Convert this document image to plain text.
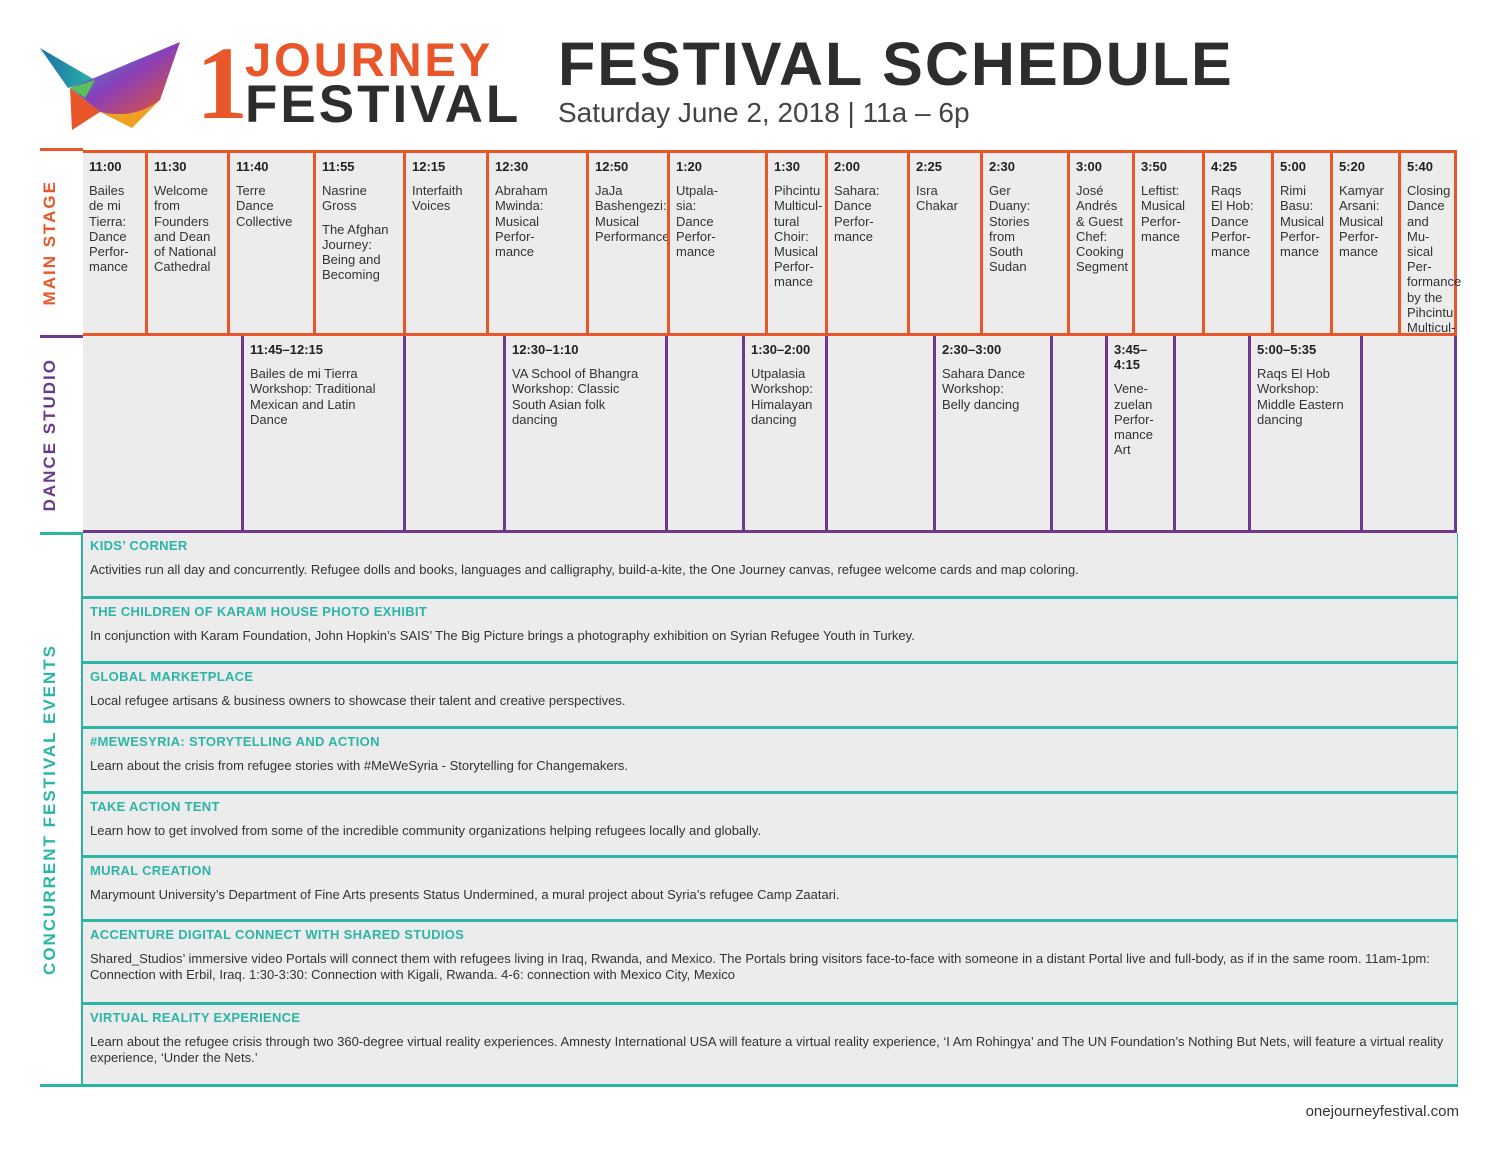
1
JOURNEY
FESTIVAL
FESTIVAL SCHEDULE
Saturday June 2, 2018 | 11a – 6p
MAIN STAGE
11:00
Bailes
de mi
Tierra:
Dance
Perfor-
mance
11:30
Welcome
from
Founders
and Dean
of National
Cathedral
11:40
Terre
Dance
Collective
11:55
Nasrine
Gross
The Afghan
Journey:
Being and
Becoming
12:15
Interfaith
Voices
12:30
Abraham
Mwinda:
Musical
Perfor-
mance
12:50
JaJa
Bashengezi:
Musical
Performance
1:20
Utpala-
sia:
Dance
Perfor-
mance
1:30
Pihcintu
Multicul-
tural Choir:
Musical
Perfor-
mance
2:00
Sahara:
Dance
Perfor-
mance
2:25
Isra
Chakar
2:30
Ger
Duany:
Stories
from
South
Sudan
3:00
José
Andrés
& Guest
Chef:
Cooking
Segment
3:50
Leftist:
Musical
Perfor-
mance
4:25
Raqs
El Hob:
Dance
Perfor-
mance
5:00
Rimi
Basu:
Musical
Perfor-
mance
5:20
Kamyar
Arsani:
Musical
Perfor-
mance
5:40
Closing
Dance
and Mu-
sical Per-
formance
by the
Pihcintu
Multicul-
DANCE STUDIO
11:45–12:15
Bailes de mi Tierra
Workshop: Traditional
Mexican and Latin
Dance
12:30–1:10
VA School of Bhangra
Workshop: Classic
South Asian folk
dancing
1:30–2:00
Utpalasia
Workshop:
Himalayan
dancing
2:30–3:00
Sahara Dance
Workshop:
Belly dancing
3:45–4:15
Vene-
zuelan
Perfor-
mance
Art
5:00–5:35
Raqs El Hob
Workshop:
Middle Eastern
dancing
CONCURRENT FESTIVAL EVENTS
KIDS’ CORNER
Activities run all day and concurrently. Refugee dolls and books, languages and calligraphy, build-a-kite, the One Journey canvas, refugee welcome cards and map coloring.
THE CHILDREN OF KARAM HOUSE PHOTO EXHIBIT
In conjunction with Karam Foundation, John Hopkin’s SAIS’ The Big Picture brings a photography exhibition on Syrian Refugee Youth in Turkey.
GLOBAL MARKETPLACE
Local refugee artisans & business owners to showcase their talent and creative perspectives.
#MEWESYRIA: STORYTELLING AND ACTION
Learn about the crisis from refugee stories with #MeWeSyria - Storytelling for Changemakers.
TAKE ACTION TENT
Learn how to get involved from some of the incredible community organizations helping refugees locally and globally.
MURAL CREATION
Marymount University’s Department of Fine Arts presents Status Undermined, a mural project about Syria’s refugee Camp Zaatari.
ACCENTURE DIGITAL CONNECT WITH SHARED STUDIOS
Shared_Studios’ immersive video Portals will connect them with refugees living in Iraq, Rwanda, and Mexico. The Portals bring visitors face-to-face with someone in a distant Portal live and full-body, as if in the same room. 11am-1pm: Connection with Erbil, Iraq. 1:30-3:30: Connection with Kigali, Rwanda. 4-6: connection with Mexico City, Mexico
VIRTUAL REALITY EXPERIENCE
Learn about the refugee crisis through two 360-degree virtual reality experiences. Amnesty International USA will feature a virtual reality experience, ‘I Am Rohingya’ and The UN Foundation’s Nothing But Nets, will feature a virtual reality experience, ‘Under the Nets.’
onejourneyfestival.com
